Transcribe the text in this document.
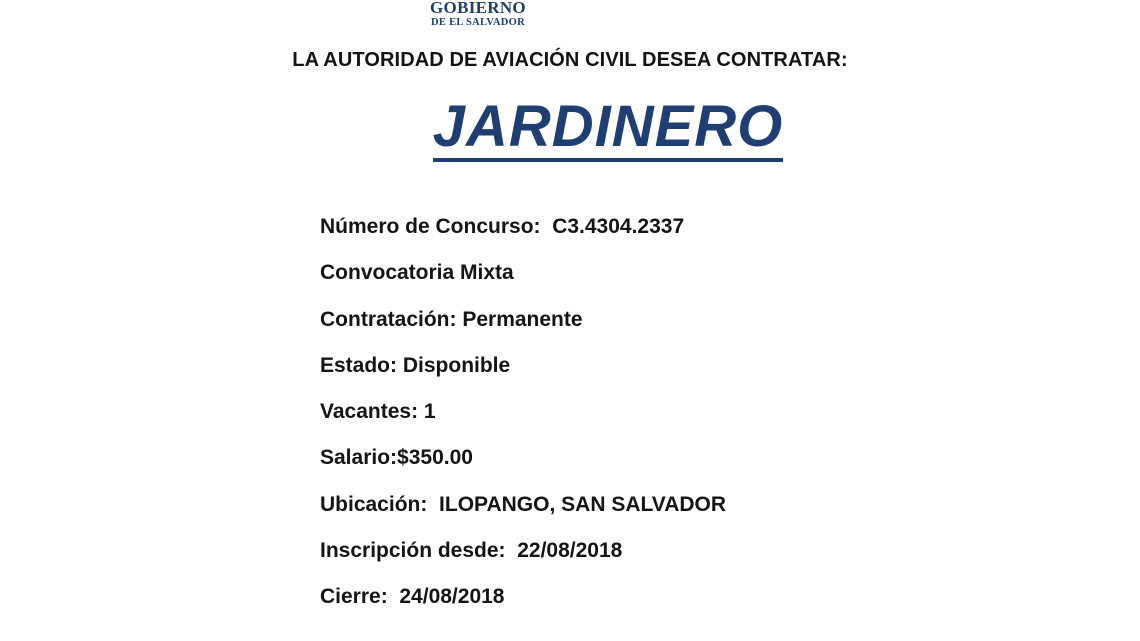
GOBIERNO
DE EL SALVADOR
LA AUTORIDAD DE AVIACIÓN CIVIL DESEA CONTRATAR:
JARDINERO
Número de Concurso: C3.4304.2337
Convocatoria Mixta
Contratación: Permanente
Estado: Disponible
Vacantes: 1
Salario:$350.00
Ubicación: ILOPANGO, SAN SALVADOR
Inscripción desde: 22/08/2018
Cierre: 24/08/2018
